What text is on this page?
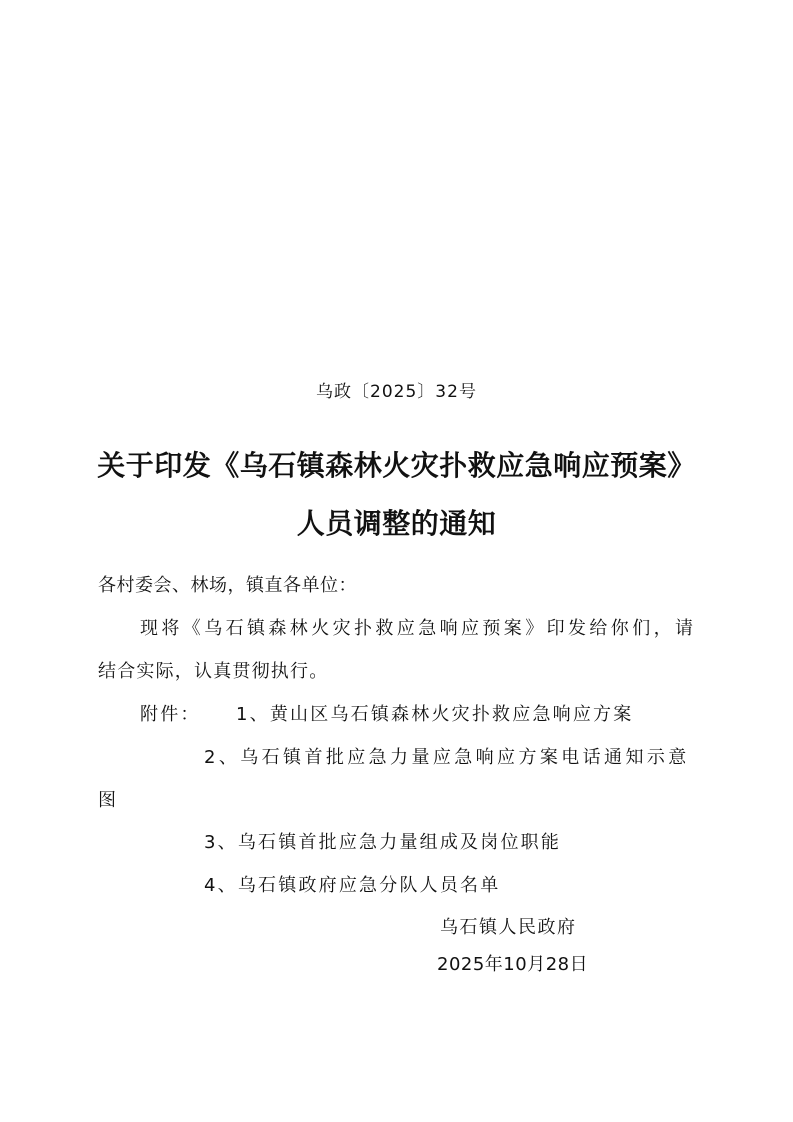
乌政〔2025〕32号
关于印发《乌石镇森林火灾扑救应急响应预案》
人员调整的通知
各村委会、林场，镇直各单位：
现将《乌石镇森林火灾扑救应急响应预案》印发给你们，请
结合实际，认真贯彻执行。
附件： 1、黄山区乌石镇森林火灾扑救应急响应方案
2、乌石镇首批应急力量应急响应方案电话通知示意
图
3、乌石镇首批应急力量组成及岗位职能
4、乌石镇政府应急分队人员名单
乌石镇人民政府
2025年10月28日
